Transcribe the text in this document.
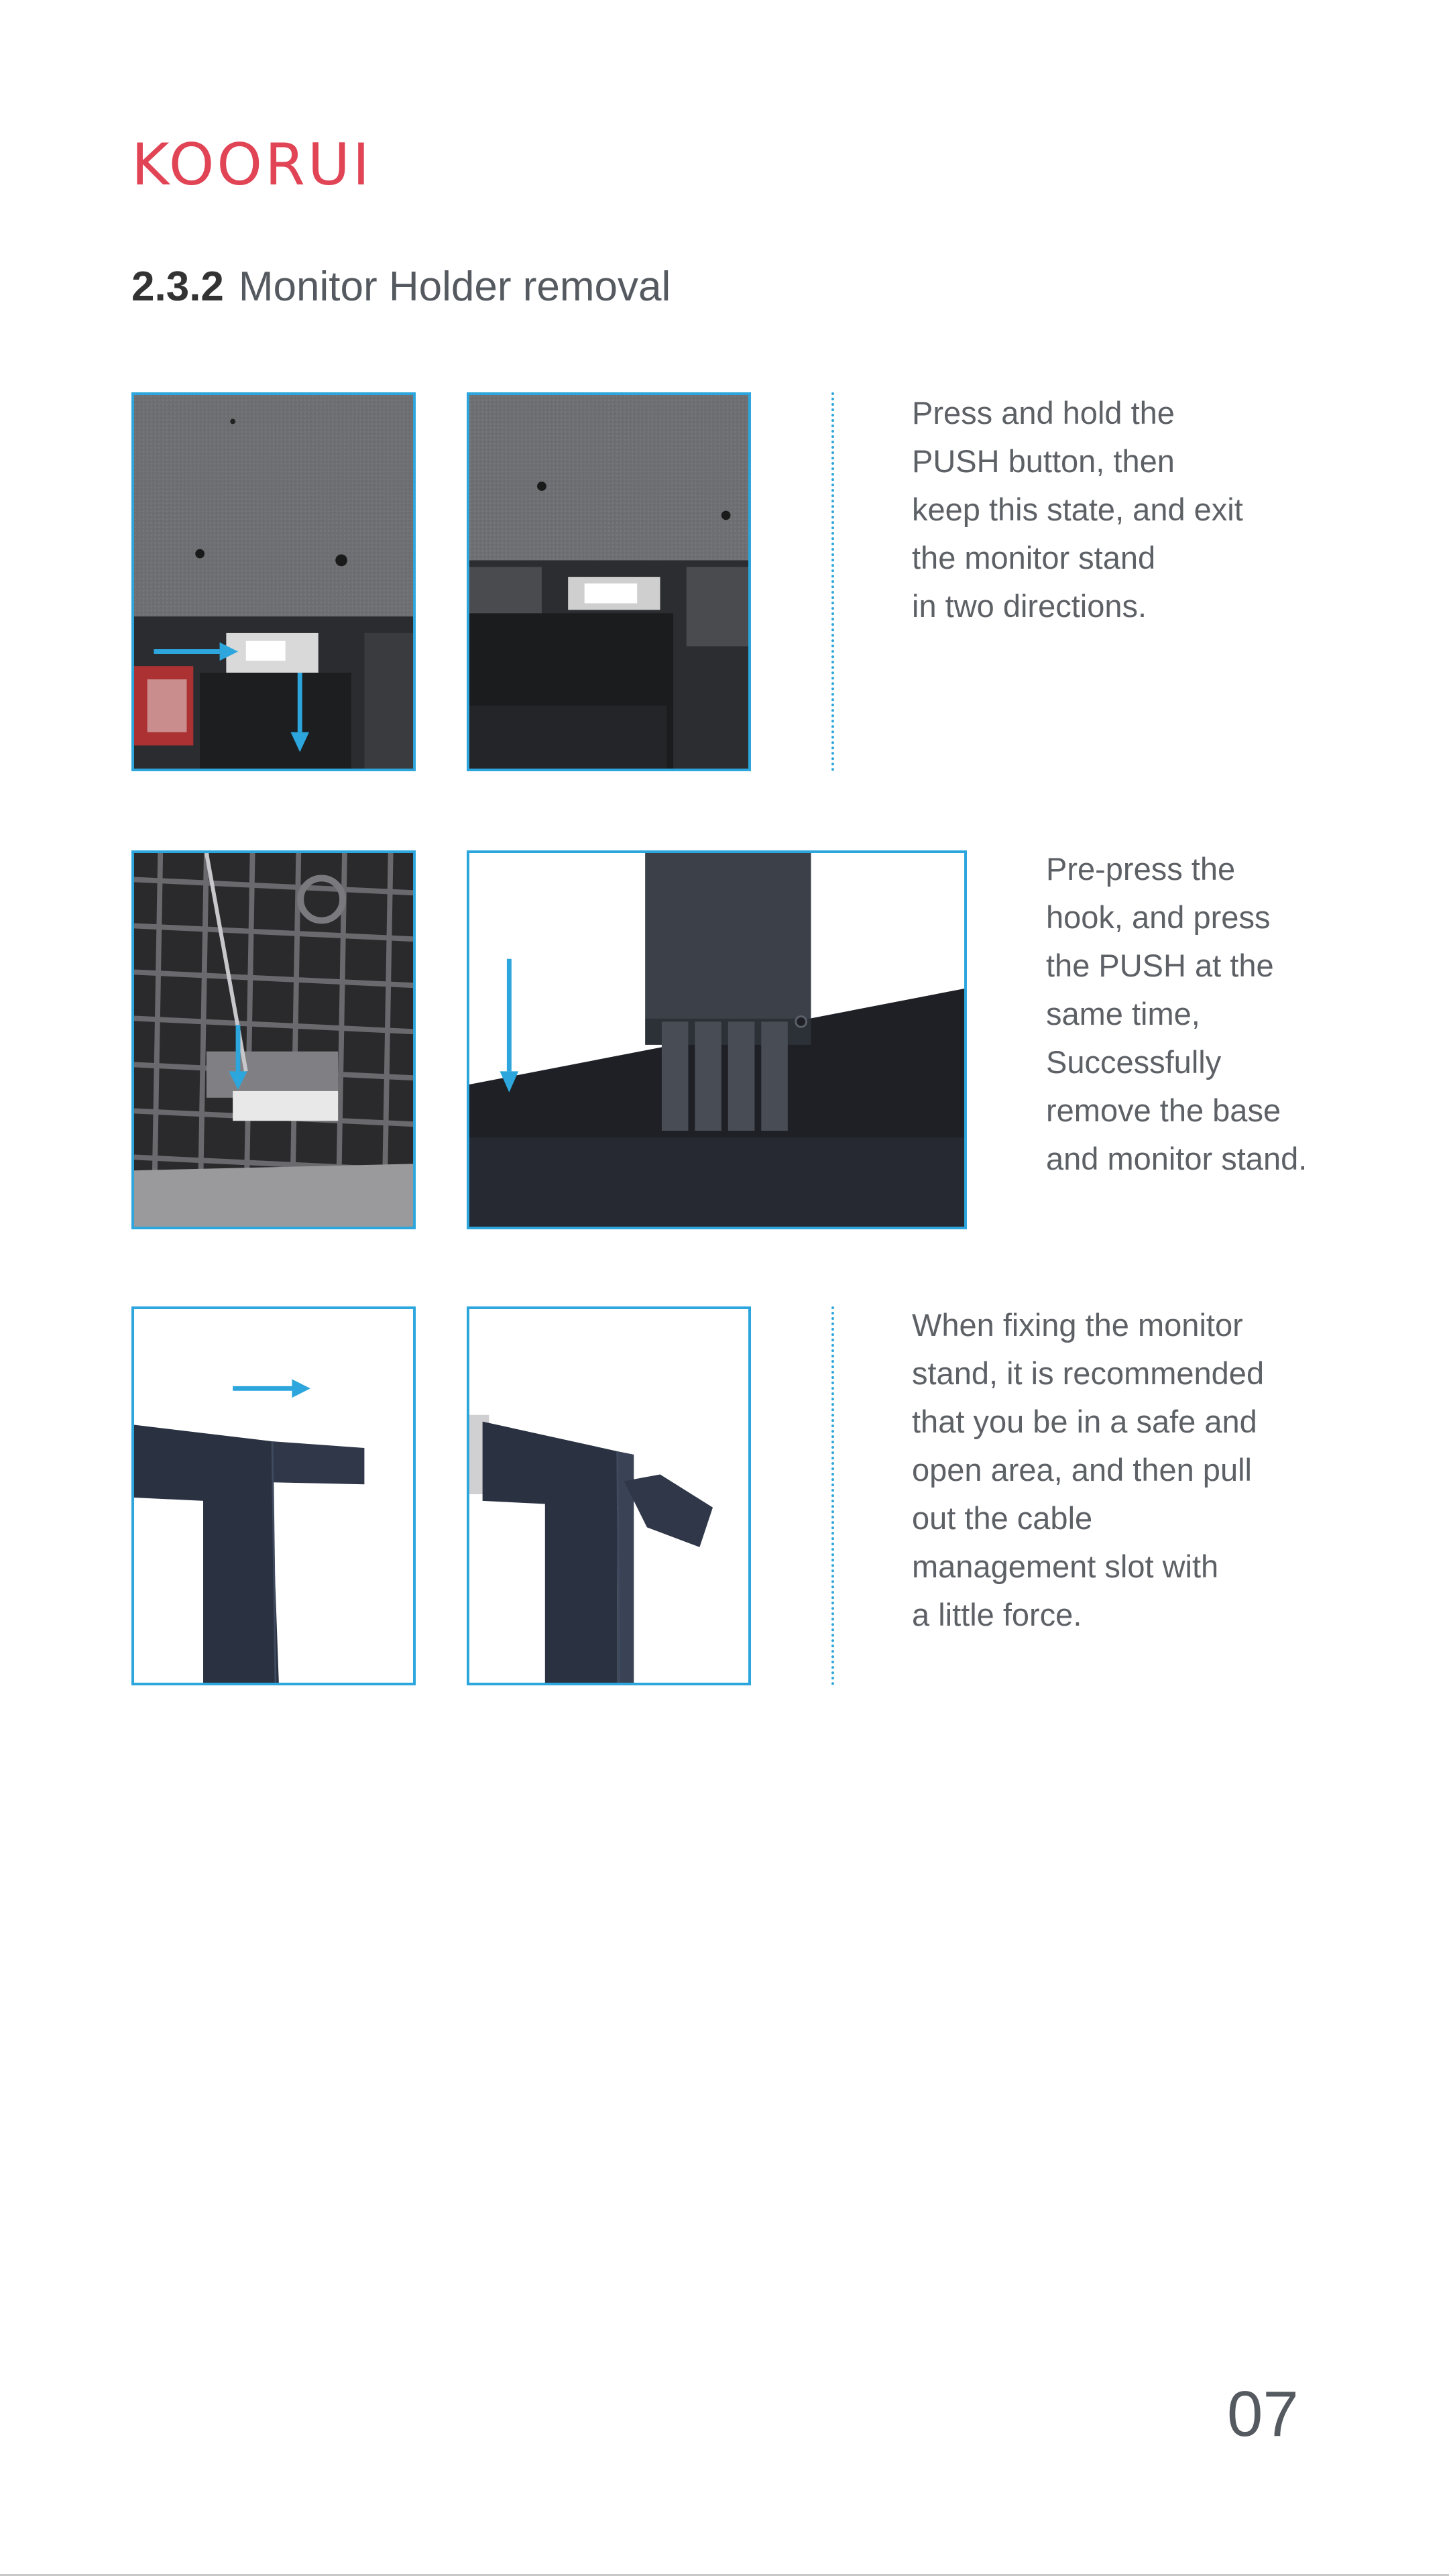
KOORUI
2.3.2 Monitor Holder removal

Press and hold the
PUSH button, then
keep this state, and exit
the monitor stand
in two directions.

Pre-press the
hook, and press
the PUSH at the
same time,
Successfully
remove the base
and monitor stand.

When fixing the monitor
stand, it is recommended
that you be in a safe and
open area, and then pull
out the cable
management slot with
a little force.

07
